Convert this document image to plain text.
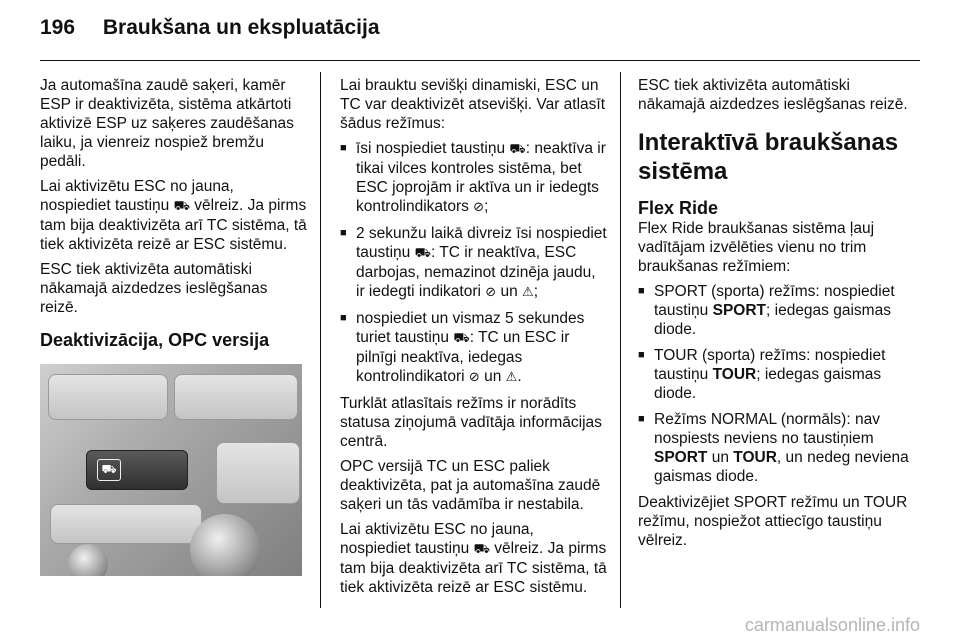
196 Braukšana un ekspluatācija

Ja automašīna zaudē saķeri, kamēr ESP ir deaktivizēta, sistēma atkārtoti aktivizē ESP uz saķeres zaudēšanas laiku, ja vienreiz nospiež bremžu pedāli.

Lai aktivizētu ESC no jauna, nospiediet taustiņu ⛟ vēlreiz. Ja pirms tam bija deaktivizēta arī TC sistēma, tā tiek aktivizēta reizē ar ESC sistēmu.

ESC tiek aktivizēta automātiski nākamajā aizdedzes ieslēgšanas reizē.

Deaktivizācija, OPC versija
⛟

Lai brauktu sevišķi dinamiski, ESC un TC var deaktivizēt atsevišķi. Var atlasīt šādus režīmus:

■ īsi nospiediet taustiņu ⛟: neaktīva ir tikai vilces kontroles sistēma, bet ESC joprojām ir aktīva un ir iedegts kontrolindikators ⊘;
■ 2 sekunžu laikā divreiz īsi nospiediet taustiņu ⛟: TC ir neaktīva, ESC darbojas, nemazinot dzinēja jaudu, ir iedegti indikatori ⊘ un ⚠;
■ nospiediet un vismaz 5 sekundes turiet taustiņu ⛟: TC un ESC ir pilnīgi neaktīva, iedegas kontrolindikatori ⊘ un ⚠.

Turklāt atlasītais režīms ir norādīts statusa ziņojumā vadītāja informācijas centrā.

OPC versijā TC un ESC paliek deaktivizēta, pat ja automašīna zaudē saķeri un tās vadāmība ir nestabila.

Lai aktivizētu ESC no jauna, nospiediet taustiņu ⛟ vēlreiz. Ja pirms tam bija deaktivizēta arī TC sistēma, tā tiek aktivizēta reizē ar ESC sistēmu.

ESC tiek aktivizēta automātiski nākamajā aizdedzes ieslēgšanas reizē.

Interaktīvā braukšanas sistēma
Flex Ride

Flex Ride braukšanas sistēma ļauj vadītājam izvēlēties vienu no trim braukšanas režīmiem:

■ SPORT (sporta) režīms: nospiediet taustiņu SPORT; iedegas gaismas diode.
■ TOUR (sporta) režīms: nospiediet taustiņu TOUR; iedegas gaismas diode.
■ Režīms NORMAL (normāls): nav nospiests neviens no taustiņiem SPORT un TOUR, un nedeg neviena gaismas diode.

Deaktivizējiet SPORT režīmu un TOUR režīmu, nospiežot attiecīgo taustiņu vēlreiz.

carmanualsonline.info
